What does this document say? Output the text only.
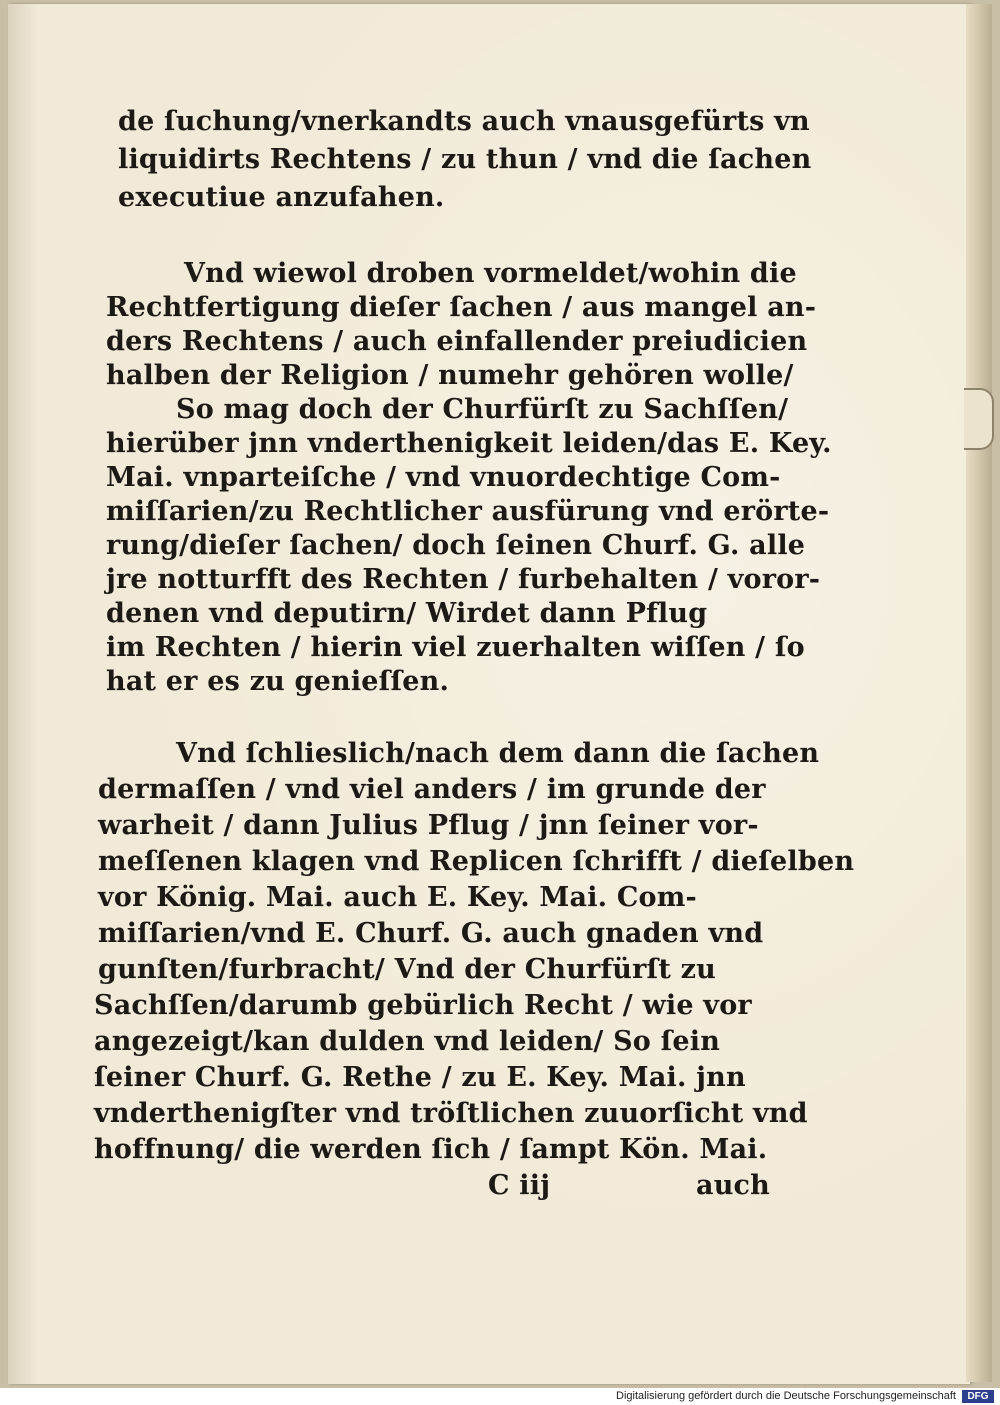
de ſuchung/vnerkandts auch vnausgefürts vn
liquidirts Rechtens / zu thun / vnd die ſachen
executiue anzufahen.
Vnd wiewol droben vormeldet/wohin die
Rechtfertigung dieſer ſachen / aus mangel an-
ders Rechtens / auch einfallender preiudicien
halben der Religion / numehr gehören wolle/
So mag doch der Churfürſt zu Sachſſen/
hierüber jnn vnderthenigkeit leiden/das E. Key.
Mai. vnparteiſche / vnd vnuordechtige Com-
miſſarien/zu Rechtlicher ausfürung vnd erörte-
rung/dieſer ſachen/ doch ſeinen Churf. G. alle
jre notturfft des Rechten / furbehalten / voror-
denen vnd deputirn/ Wirdet dann Pflug
im Rechten / hierin viel zuerhalten wiſſen / ſo
hat er es zu genieſſen.
Vnd ſchlieslich/nach dem dann die ſachen
dermaſſen / vnd viel anders / im grunde der
warheit / dann Julius Pflug / jnn ſeiner vor-
meſſenen klagen vnd Replicen ſchrifft / dieſelben
vor König. Mai. auch E. Key. Mai. Com-
miſſarien/vnd E. Churf. G. auch gnaden vnd
gunſten/furbracht/ Vnd der Churfürſt zu
Sachſſen/darumb gebürlich Recht / wie vor
angezeigt/kan dulden vnd leiden/ So ſein
ſeiner Churf. G. Rethe / zu E. Key. Mai. jnn
vnderthenigſter vnd tröſtlichen zuuorſicht vnd
hoffnung/ die werden ſich / ſampt Kön. Mai.
C iij	auch
Digitalisierung gefördert durch die Deutsche Forschungsgemeinschaft	DFG
